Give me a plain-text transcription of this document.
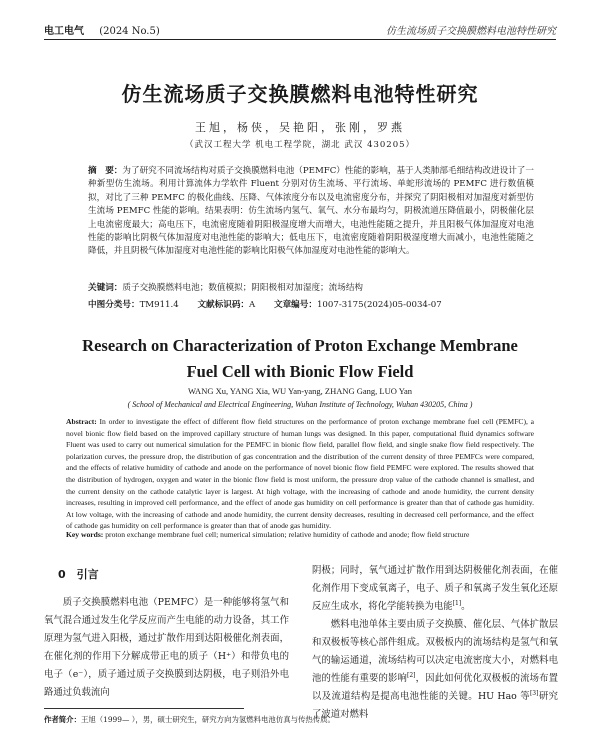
电工电气 (2024 No.5)	仿生流场质子交换膜燃料电池特性研究
仿生流场质子交换膜燃料电池特性研究
王旭，杨侠，吴艳阳，张刚，罗燕
（武汉工程大学 机电工程学院，湖北 武汉 430205）
摘　要：为了研究不同流场结构对质子交换膜燃料电池（PEMFC）性能的影响，基于人类肺部毛细结构改进设计了一种新型仿生流场。利用计算流体力学软件 Fluent 分别对仿生流场、平行流场、单蛇形流场的 PEMFC 进行数值模拟，对比了三种 PEMFC 的极化曲线、压降、气体浓度分布以及电流密度分布，并探究了阴阳极相对加湿度对新型仿生流场 PEMFC 性能的影响。结果表明：仿生流场内氢气、氧气、水分布最均匀，阴极流道压降值最小，阴极催化层上电流密度最大；高电压下，电流密度随着阴阳极湿度增大而增大，电池性能随之提升，并且阳极气体加湿度对电池性能的影响比阴极气体加湿度对电池性能的影响大；低电压下，电流密度随着阴阳极湿度增大而减小，电池性能随之降低，并且阴极气体加湿度对电池性能的影响比阳极气体加湿度对电池性能的影响大。
关键词：质子交换膜燃料电池；数值模拟；阴阳极相对加湿度；流场结构
中图分类号：TM911.4 文献标识码：A 文章编号：1007-3175(2024)05-0034-07
Research on Characterization of Proton Exchange Membrane
Fuel Cell with Bionic Flow Field
WANG Xu, YANG Xia, WU Yan-yang, ZHANG Gang, LUO Yan
( School of Mechanical and Electrical Engineering, Wuhan Institute of Technology, Wuhan 430205, China )
Abstract: In order to investigate the effect of different flow field structures on the performance of proton exchange membrane fuel cell (PEMFC), a novel bionic flow field based on the improved capillary structure of human lungs was designed. In this paper, computational fluid dynamics software Fluent was used to carry out numerical simulation for the PEMFC in bionic flow field, parallel flow field, and single snake flow field respectively. The polarization curves, the pressure drop, the distribution of gas concentration and the distribution of the current density of three PEMFCs were compared, and the effects of relative humidity of cathode and anode on the performance of novel bionic flow field PEMFC were explored. The results showed that the distribution of hydrogen, oxygen and water in the bionic flow field is most uniform, the pressure drop value of the cathode channel is smallest, and the current density on the cathode catalytic layer is largest. At high voltage, with the increasing of cathode and anode humidity, the current density increases, resulting in improved cell performance, and the effect of anode gas humidity on cell performance is greater than that of cathode gas humidity. At low voltage, with the increasing of cathode and anode humidity, the current density decreases, resulting in decreased cell performance, and the effect of cathode gas humidity on cell performance is greater than that of anode gas humidity.
Key words: proton exchange membrane fuel cell; numerical simulation; relative humidity of cathode and anode; flow field structure
0　引言

质子交换膜燃料电池（PEMFC）是一种能够将氢气和氧气混合通过发生化学反应而产生电能的动力设备，其工作原理为氢气进入阳极，通过扩散作用到达阳极催化剂表面，在催化剂的作用下分解成带正电的质子（H⁺）和带负电的电子（e⁻），质子通过质子交换膜到达阴极，电子则沿外电路通过负载流向

阴极；同时，氧气通过扩散作用到达阴极催化剂表面，在催化剂作用下变成氧离子，电子、质子和氧离子发生氧化还原反应生成水，将化学能转换为电能[1]。

燃料电池单体主要由质子交换膜、催化层、气体扩散层和双极板等核心部件组成。双极板内的流场结构是氢气和氧气的输运通道，流场结构可以决定电流密度大小，对燃料电池的性能有重要的影响[2]，因此如何优化双极板的流场布置以及流道结构是提高电池性能的关键。HU Hao 等[3]研究了波道对燃料

作者简介：王旭（1999— ），男，硕士研究生，研究方向为氢燃料电池仿真与传热传质。
